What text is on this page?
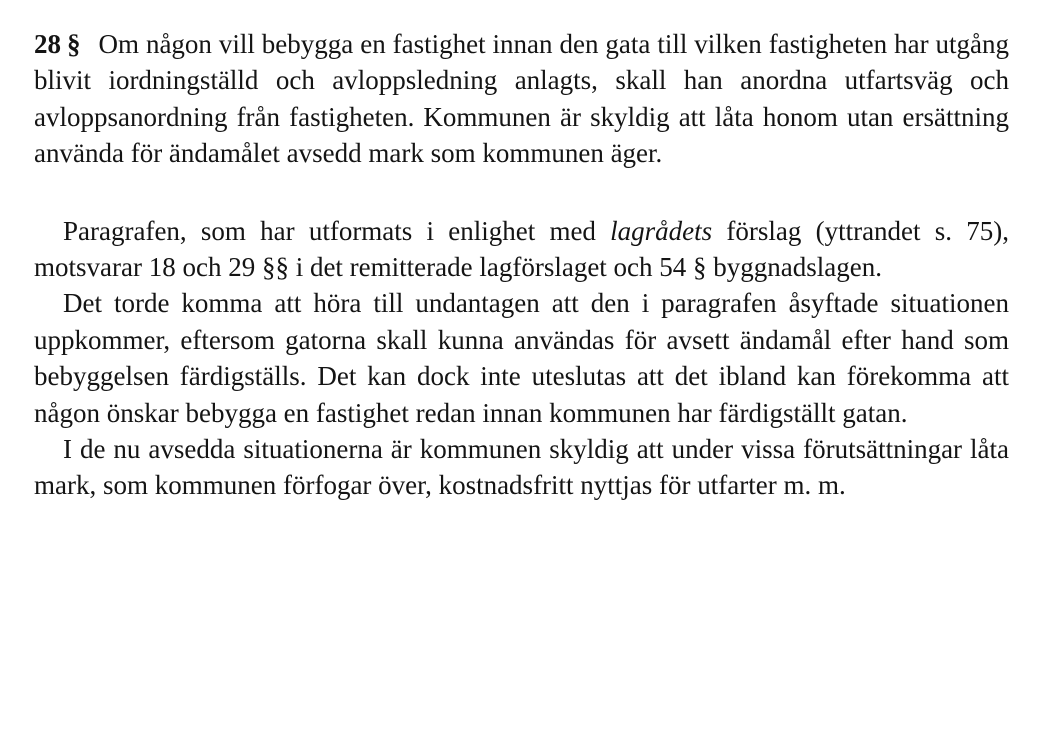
28 § Om någon vill bebygga en fastighet innan den gata till vilken fastigheten har utgång blivit iordningställd och avloppsledning anlagts, skall han anordna utfartsväg och avloppsanordning från fastigheten. Kommunen är skyldig att låta honom utan ersättning använda för ändamålet avsedd mark som kommunen äger.

Paragrafen, som har utformats i enlighet med lagrådets förslag (yttrandet s. 75), motsvarar 18 och 29 §§ i det remitterade lagförslaget och 54 § byggnadslagen.

Det torde komma att höra till undantagen att den i paragrafen åsyftade situationen uppkommer, eftersom gatorna skall kunna användas för avsett ändamål efter hand som bebyggelsen färdigställs. Det kan dock inte uteslutas att det ibland kan förekomma att någon önskar bebygga en fastighet redan innan kommunen har färdigställt gatan.

I de nu avsedda situationerna är kommunen skyldig att under vissa förutsättningar låta mark, som kommunen förfogar över, kostnadsfritt nyttjas för utfarter m. m.
